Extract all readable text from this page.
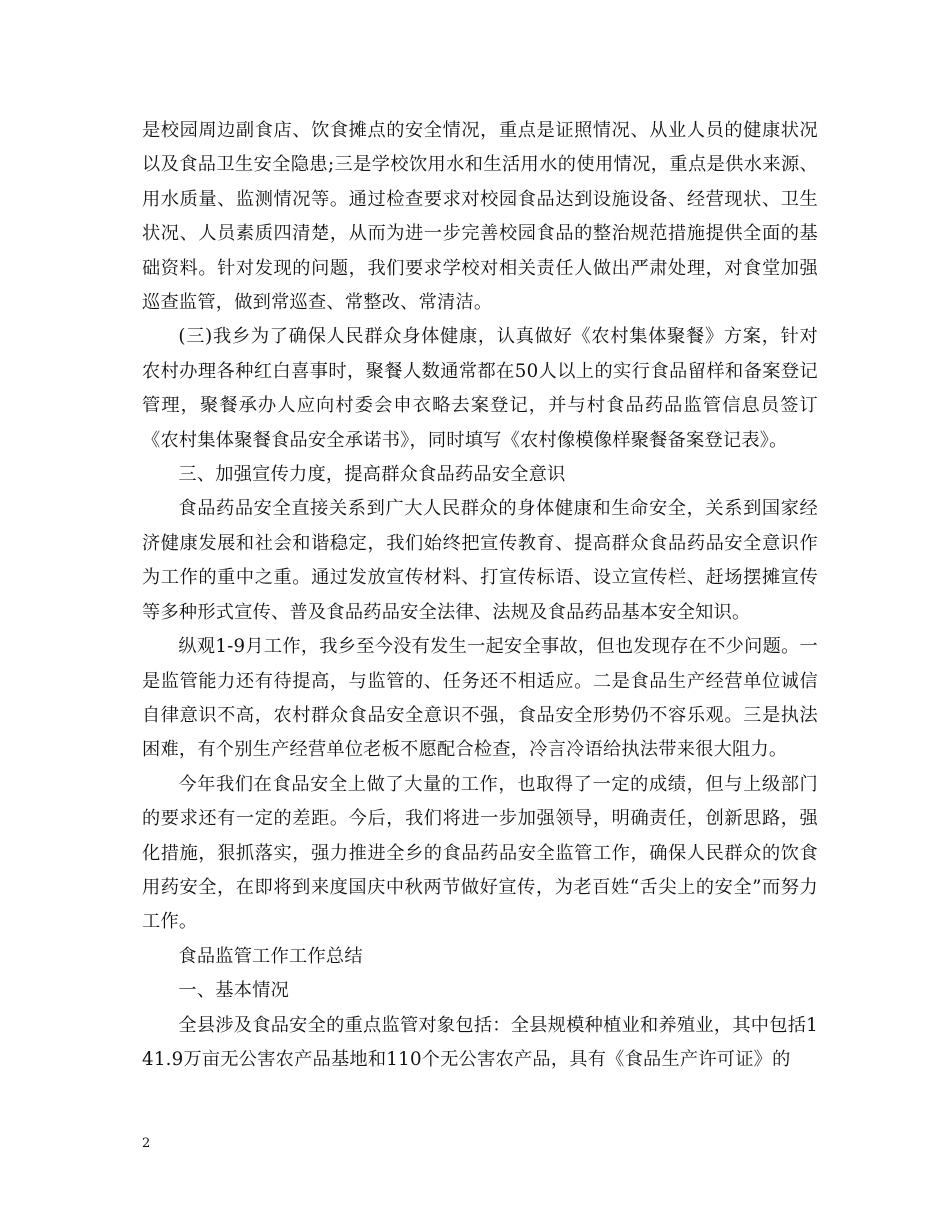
是校园周边副食店、饮食摊点的安全情况，重点是证照情况、从业人员的健康状况以及食品卫生安全隐患;三是学校饮用水和生活用水的使用情况，重点是供水来源、用水质量、监测情况等。通过检查要求对校园食品达到设施设备、经营现状、卫生状况、人员素质四清楚，从而为进一步完善校园食品的整治规范措施提供全面的基础资料。针对发现的问题，我们要求学校对相关责任人做出严肃处理，对食堂加强巡查监管，做到常巡查、常整改、常清洁。

(三)我乡为了确保人民群众身体健康，认真做好《农村集体聚餐》方案，针对农村办理各种红白喜事时，聚餐人数通常都在50人以上的实行食品留样和备案登记管理，聚餐承办人应向村委会申衣略去案登记，并与村食品药品监管信息员签订《农村集体聚餐食品安全承诺书》，同时填写《农村像模像样聚餐备案登记表》。

三、加强宣传力度，提高群众食品药品安全意识

食品药品安全直接关系到广大人民群众的身体健康和生命安全，关系到国家经济健康发展和社会和谐稳定，我们始终把宣传教育、提高群众食品药品安全意识作为工作的重中之重。通过发放宣传材料、打宣传标语、设立宣传栏、赶场摆摊宣传等多种形式宣传、普及食品药品安全法律、法规及食品药品基本安全知识。

纵观1-9月工作，我乡至今没有发生一起安全事故，但也发现存在不少问题。一是监管能力还有待提高，与监管的、任务还不相适应。二是食品生产经营单位诚信自律意识不高，农村群众食品安全意识不强，食品安全形势仍不容乐观。三是执法困难，有个别生产经营单位老板不愿配合检查，冷言冷语给执法带来很大阻力。

今年我们在食品安全上做了大量的工作，也取得了一定的成绩，但与上级部门的要求还有一定的差距。今后，我们将进一步加强领导，明确责任，创新思路，强化措施，狠抓落实，强力推进全乡的食品药品安全监管工作，确保人民群众的饮食用药安全，在即将到来度国庆中秋两节做好宣传，为老百姓“舌尖上的安全”而努力工作。

食品监管工作工作总结

一、基本情况

全县涉及食品安全的重点监管对象包括：全县规模种植业和养殖业，其中包括141.9万亩无公害农产品基地和110个无公害农产品，具有《食品生产许可证》的

2
